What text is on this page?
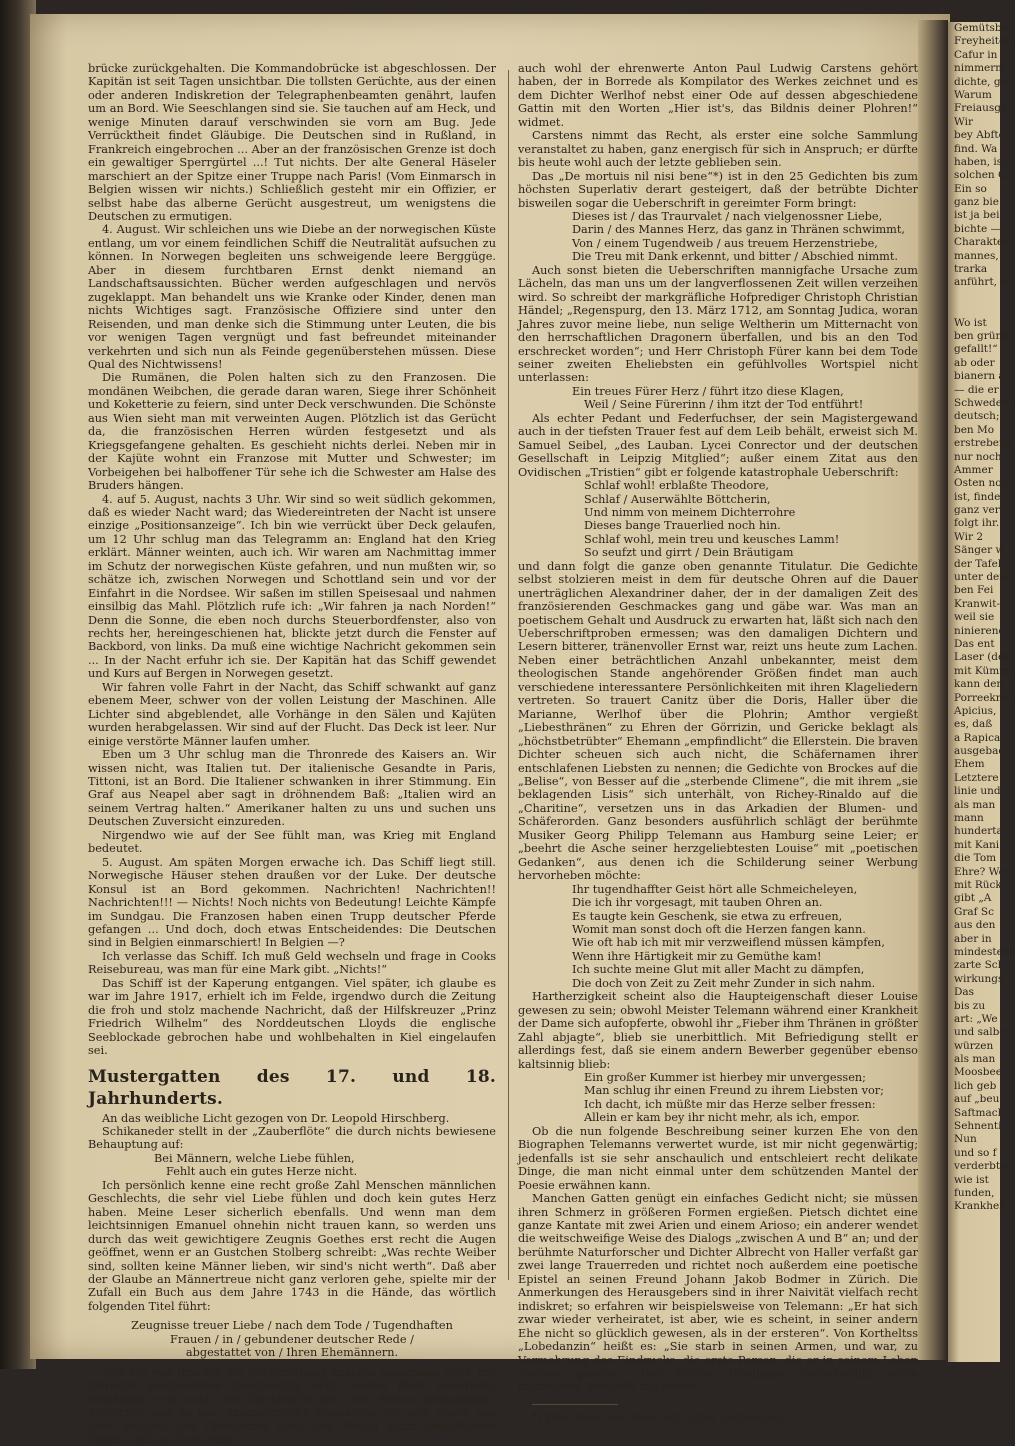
brücke zurückgehalten. Die Kommandobrücke ist abgeschlossen. Der Kapitän ist seit Tagen unsichtbar. Die tollsten Gerüchte, aus der einen oder anderen Indiskretion der Telegraphenbeamten genährt, laufen um an Bord. Wie Seeschlangen sind sie. Sie tauchen auf am Heck, und wenige Minuten darauf verschwinden sie vorn am Bug. Jede Verrücktheit findet Gläubige. Die Deutschen sind in Rußland, in Frankreich eingebrochen ... Aber an der französischen Grenze ist doch ein gewaltiger Sperrgürtel ...! Tut nichts. Der alte General Häseler marschiert an der Spitze einer Truppe nach Paris! (Vom Einmarsch in Belgien wissen wir nichts.) Schließlich gesteht mir ein Offizier, er selbst habe das alberne Gerücht ausgestreut, um wenigstens die Deutschen zu ermutigen.

4. August. Wir schleichen uns wie Diebe an der norwegischen Küste entlang, um vor einem feindlichen Schiff die Neutralität aufsuchen zu können. In Norwegen begleiten uns schweigende leere Berggüge. Aber in diesem furchtbaren Ernst denkt niemand an Landschaftsaussichten. Bücher werden aufgeschlagen und nervös zugeklappt. Man behandelt uns wie Kranke oder Kinder, denen man nichts Wichtiges sagt. Französische Offiziere sind unter den Reisenden, und man denke sich die Stimmung unter Leuten, die bis vor wenigen Tagen vergnügt und fast befreundet miteinander verkehrten und sich nun als Feinde gegenüberstehen müssen. Diese Qual des Nichtwissens!

Die Rumänen, die Polen halten sich zu den Franzosen. Die mondänen Weibchen, die gerade daran waren, Siege ihrer Schönheit und Koketterie zu feiern, sind unter Deck verschwunden. Die Schönste aus Wien sieht man mit verweinten Augen. Plötzlich ist das Gerücht da, die französischen Herren würden festgesetzt und als Kriegsgefangene gehalten. Es geschieht nichts derlei. Neben mir in der Kajüte wohnt ein Franzose mit Mutter und Schwester; im Vorbeigehen bei halboffener Tür sehe ich die Schwester am Halse des Bruders hängen.

4. auf 5. August, nachts 3 Uhr. Wir sind so weit südlich gekommen, daß es wieder Nacht ward; das Wiedereintreten der Nacht ist unsere einzige „Positionsanzeige“. Ich bin wie verrückt über Deck gelaufen, um 12 Uhr schlug man das Telegramm an: England hat den Krieg erklärt. Männer weinten, auch ich. Wir waren am Nachmittag immer im Schutz der norwegischen Küste gefahren, und nun mußten wir, so schätze ich, zwischen Norwegen und Schottland sein und vor der Einfahrt in die Nordsee. Wir saßen im stillen Speisesaal und nahmen einsilbig das Mahl. Plötzlich rufe ich: „Wir fahren ja nach Norden!“ Denn die Sonne, die eben noch durchs Steuerbordfenster, also von rechts her, hereingeschienen hat, blickte jetzt durch die Fenster auf Backbord, von links. Da muß eine wichtige Nachricht gekommen sein ... In der Nacht erfuhr ich sie. Der Kapitän hat das Schiff gewendet und Kurs auf Bergen in Norwegen gesetzt.

Wir fahren volle Fahrt in der Nacht, das Schiff schwankt auf ganz ebenem Meer, schwer von der vollen Leistung der Maschinen. Alle Lichter sind abgeblendet, alle Vorhänge in den Sälen und Kajüten wurden herabgelassen. Wir sind auf der Flucht. Das Deck ist leer. Nur einige verstörte Männer laufen umher.

Eben um 3 Uhr schlug man die Thronrede des Kaisers an. Wir wissen nicht, was Italien tut. Der italienische Gesandte in Paris, Tittoni, ist an Bord. Die Italiener schwanken in ihrer Stimmung. Ein Graf aus Neapel aber sagt in dröhnendem Baß: „Italien wird an seinem Vertrag halten.“ Amerikaner halten zu uns und suchen uns Deutschen Zuversicht einzureden.

Nirgendwo wie auf der See fühlt man, was Krieg mit England bedeutet.

5. August. Am späten Morgen erwache ich. Das Schiff liegt still. Norwegische Häuser stehen draußen vor der Luke. Der deutsche Konsul ist an Bord gekommen. Nachrichten! Nachrichten!! Nachrichten!!! — Nichts! Noch nichts von Bedeutung! Leichte Kämpfe im Sundgau. Die Franzosen haben einen Trupp deutscher Pferde gefangen ... Und doch, doch etwas Entscheidendes: Die Deutschen sind in Belgien einmarschiert! In Belgien —?

Ich verlasse das Schiff. Ich muß Geld wechseln und frage in Cooks Reisebureau, was man für eine Mark gibt. „Nichts!“

Das Schiff ist der Kaperung entgangen. Viel später, ich glaube es war im Jahre 1917, erhielt ich im Felde, irgendwo durch die Zeitung die froh und stolz machende Nachricht, daß der Hilfskreuzer „Prinz Friedrich Wilhelm“ des Norddeutschen Lloyds die englische Seeblockade gebrochen habe und wohlbehalten in Kiel eingelaufen sei.

Mustergatten des 17. und 18. Jahrhunderts.

An das weibliche Licht gezogen von Dr. Leopold Hirschberg.

Schikaneder stellt in der „Zauberflöte“ die durch nichts bewiesene Behauptung auf:

Bei Männern, welche Liebe fühlen,

Fehlt auch ein gutes Herze nicht.

Ich persönlich kenne eine recht große Zahl Menschen männlichen Geschlechts, die sehr viel Liebe fühlen und doch kein gutes Herz haben. Meine Leser sicherlich ebenfalls. Und wenn man dem leichtsinnigen Emanuel ohnehin nicht trauen kann, so werden uns durch das weit gewichtigere Zeugnis Goethes erst recht die Augen geöffnet, wenn er an Gustchen Stolberg schreibt: „Was rechte Weiber sind, sollten keine Männer lieben, wir sind's nicht werth“. Daß aber der Glaube an Männertreue nicht ganz verloren gehe, spielte mir der Zufall ein Buch aus dem Jahre 1743 in die Hände, das wörtlich folgenden Titel führt:

Zeugnisse treuer Liebe / nach dem Tode / Tugendhaften

Frauen / in / gebundener deutscher Rede /

abgestattet von / Ihren Ehemännern.

Was ich von ihm für die Ehrenrettung unseres manchmal doch mit Unrecht geschmähten Geschlechts beim ersten Blick erwartete, bestätigte sich nach der Durchsicht der 300 Seiten vollkommen. Sicherlich gab es also exemplarische Ehegatten, die sich durch das böse Beispiel der Obergötter Zeus und Wotan nicht beeinflussen ließen, und zu ihnen mag

auch wohl der ehrenwerte Anton Paul Ludwig Carstens gehört haben, der in Borrede als Kompilator des Werkes zeichnet und es dem Dichter Werlhof nebst einer Ode auf dessen abgeschiedene Gattin mit den Worten „Hier ist's, das Bildnis deiner Plohren!“ widmet.

Carstens nimmt das Recht, als erster eine solche Sammlung veranstaltet zu haben, ganz energisch für sich in Anspruch; er dürfte bis heute wohl auch der letzte geblieben sein.

Das „De mortuis nil nisi bene“*) ist in den 25 Gedichten bis zum höchsten Superlativ derart gesteigert, daß der betrübte Dichter bisweilen sogar die Ueberschrift in gereimter Form bringt:

Dieses ist / das Traurvalet / nach vielgenossner Liebe,

Darin / des Mannes Herz, das ganz in Thränen schwimmt,

Von / einem Tugendweib / aus treuem Herzenstriebe,

Die Treu mit Dank erkennt, und bitter / Abschied nimmt.

Auch sonst bieten die Ueberschriften mannigfache Ursache zum Lächeln, das man uns um der langverflossenen Zeit willen verzeihen wird. So schreibt der markgräfliche Hofprediger Christoph Christian Händel; „Regenspurg, den 13. März 1712, am Sonntag Judica, woran Jahres zuvor meine liebe, nun selige Weltherin um Mitternacht von den herrschaftlichen Dragonern überfallen, und bis an den Tod erschrecket worden“; und Herr Christoph Fürer kann bei dem Tode seiner zweiten Eheliebsten ein gefühlvolles Wortspiel nicht unterlassen:

Ein treues Fürer Herz / führt itzo diese Klagen,

Weil / Seine Fürerinn / ihm itzt der Tod entführt!

Als echter Pedant und Federfuchser, der sein Magistergewand auch in der tiefsten Trauer fest auf dem Leib behält, erweist sich M. Samuel Seibel, „des Lauban. Lycei Conrector und der deutschen Gesellschaft in Leipzig Mitglied“; außer einem Zitat aus den Ovidischen „Tristien“ gibt er folgende katastrophale Ueberschrift:

Schlaf wohl! erblaßte Theodore,

Schlaf / Auserwählte Böttcherin,

Und nimm von meinem Dichterrohre

Dieses bange Trauerlied noch hin.

Schlaf wohl, mein treu und keusches Lamm!

So seufzt und girrt / Dein Bräutigam

und dann folgt die ganze oben genannte Titulatur. Die Gedichte selbst stolzieren meist in dem für deutsche Ohren auf die Dauer unerträglichen Alexandriner daher, der in der damaligen Zeit des französierenden Geschmackes gang und gäbe war. Was man an poetischem Gehalt und Ausdruck zu erwarten hat, läßt sich nach den Ueberschriftproben ermessen; was den damaligen Dichtern und Lesern bitterer, tränenvoller Ernst war, reizt uns heute zum Lachen. Neben einer beträchtlichen Anzahl unbekannter, meist dem theologischen Stande angehörender Größen findet man auch verschiedene interessantere Persönlichkeiten mit ihren Klageliedern vertreten. So trauert Canitz über die Doris, Haller über die Marianne, Werlhof über die Plohrin; Amthor vergießt „Liebesthränen“ zu Ehren der Görrizin, und Gericke beklagt als „höchstbetrübter“ Ehemann „empfindlicht“ die Ellerstein. Die braven Dichter scheuen sich auch nicht, die Schäfernamen ihrer entschlafenen Liebsten zu nennen; die Gedichte von Brockes auf die „Belise“, von Besser auf die „sterbende Climene“, die mit ihrem „sie beklagenden Lisis“ sich unterhält, von Richey-Rinaldo auf die „Charitine“, versetzen uns in das Arkadien der Blumen- und Schäferorden. Ganz besonders ausführlich schlägt der berühmte Musiker Georg Philipp Telemann aus Hamburg seine Leier; er „beehrt die Asche seiner herzgeliebtesten Louise“ mit „poetischen Gedanken“, aus denen ich die Schilderung seiner Werbung hervorheben möchte:

Ihr tugendhaffter Geist hört alle Schmeicheleyen,

Die ich ihr vorgesagt, mit tauben Ohren an.

Es taugte kein Geschenk, sie etwa zu erfreuen,

Womit man sonst doch oft die Herzen fangen kann.

Wie oft hab ich mit mir verzweiflend müssen kämpfen,

Wenn ihre Härtigkeit mir zu Gemüthe kam!

Ich suchte meine Glut mit aller Macht zu dämpfen,

Die doch von Zeit zu Zeit mehr Zunder in sich nahm.

Hartherzigkeit scheint also die Haupteigenschaft dieser Louise gewesen zu sein; obwohl Meister Telemann während einer Krankheit der Dame sich aufopferte, obwohl ihr „Fieber ihm Thränen in größter Zahl abjagte“, blieb sie unerbittlich. Mit Befriedigung stellt er allerdings fest, daß sie einem andern Bewerber gegenüber ebenso kaltsinnig blieb:

Ein großer Kummer ist hierbey mir unvergessen;

Man schlug ihr einen Freund zu ihrem Liebsten vor;

Ich dacht, ich müßte mir das Herze selber fressen:

Allein er kam bey ihr nicht mehr, als ich, empor.

Ob die nun folgende Beschreibung seiner kurzen Ehe von den Biographen Telemanns verwertet wurde, ist mir nicht gegenwärtig; jedenfalls ist sie sehr anschaulich und entschleiert recht delikate Dinge, die man nicht einmal unter dem schützenden Mantel der Poesie erwähnen kann.

Manchen Gatten genügt ein einfaches Gedicht nicht; sie müssen ihren Schmerz in größeren Formen ergießen. Pietsch dichtet eine ganze Kantate mit zwei Arien und einem Arioso; ein anderer wendet die weitschweifige Weise des Dialogs „zwischen A und B“ an; und der berühmte Naturforscher und Dichter Albrecht von Haller verfaßt gar zwei lange Trauerreden und richtet noch außerdem eine poetische Epistel an seinen Freund Johann Jakob Bodmer in Zürich. Die Anmerkungen des Herausgebers sind in ihrer Naivität vielfach recht indiskret; so erfahren wir beispielsweise von Telemann: „Er hat sich zwar wieder verheiratet, ist aber, wie es scheint, in seiner andern Ehe nicht so glücklich gewesen, als in der ersteren“. Von Kortheltss „Lobedanzin“ heißt es: „Sie starb in seinen Armen, und war, zu Vermehrung des Eindrucks, die erste Person, die er in seinem Leben sterben gesehn.“ Der Rektor Heidmann entschuldigt seine metrischen Verstöße mit seiner

*) Den Toten soll man nur Gutes nachsagen.

Gemütsbe
Freyheiter
Cafur in
nimmerm
dichte, gö
Warum
Freiausge
Wir
bey Abfte
find. Wa
haben, ist
solchen G
Ein so
ganz bie
ist ja bei
bichte —
Charakter
mannes,
trarka
anführt, d
Wo ist
ben grüne
gefallt!“
ab oder
bianern a
— die er
Schweden
deutsch;
ben Mo
erstrebens
nur noch
Ammer
Osten noc
ist, findet
ganz ver
folgt ihr.
Wir 2
Sänger w
der Tafel
unter den
ben Fei
Kranwit-
weil sie
ninierend
Das ent
Laser (den
mit Kümm
kann den
Porreekne
Apicius,
es, daß
a Rapica
ausgebac
Ehem
Letztere
linie und
als man
mann
hunderta
mit Kani
die Tom
Ehre? We
mit Rück
gibt „A
Graf Sc
aus den
aber in
mindestens
zarte Sch
wirkungs
Das
bis zu
art: „We
und salbe
würzen
als man
Moosbee
lich geb
auf „beu
Saftmach
Sehnenti
Nun
und so f
verderbte
wie ist
funden,
Krankheit
